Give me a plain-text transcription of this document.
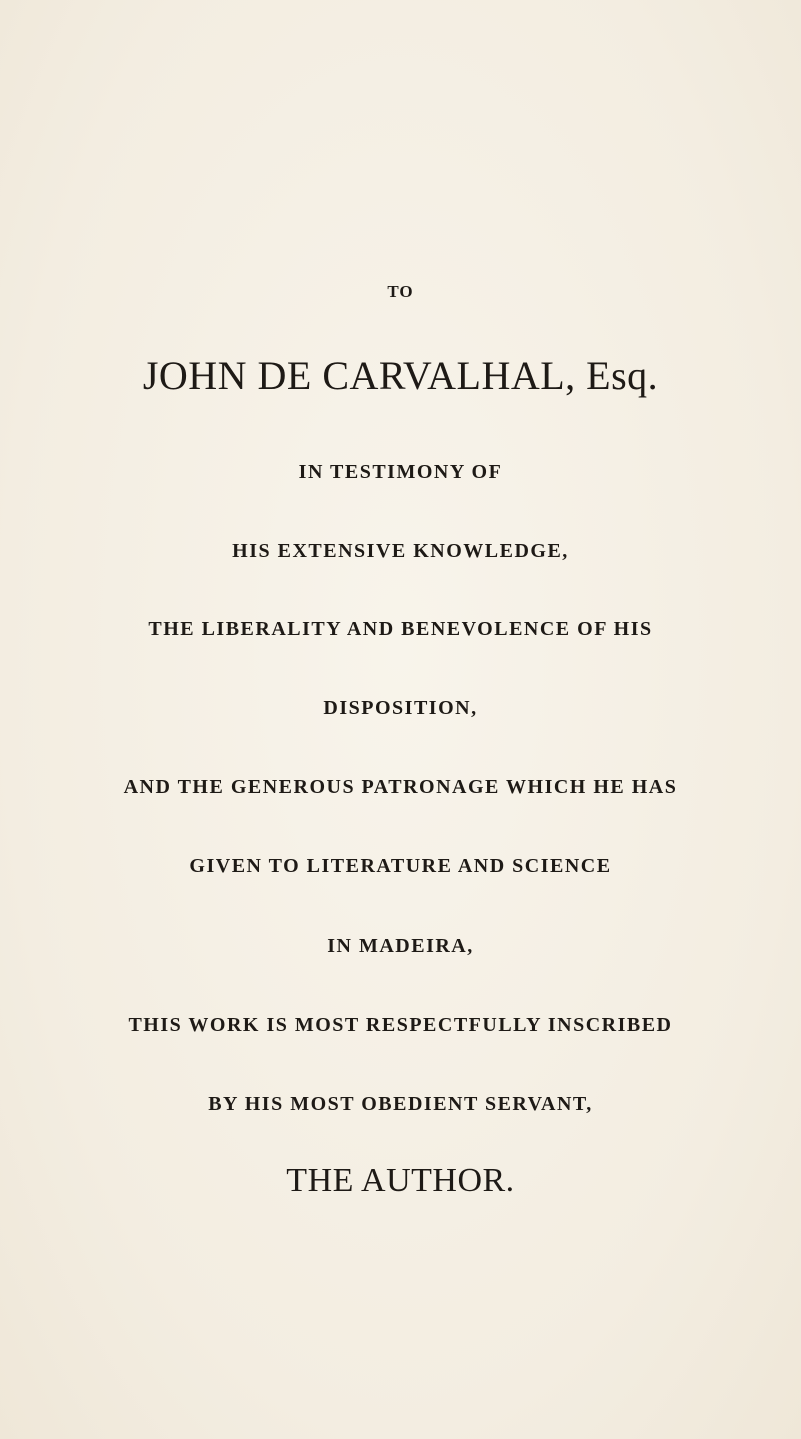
TO
JOHN DE CARVALHAL, Esq.
IN TESTIMONY OF
HIS EXTENSIVE KNOWLEDGE,
THE LIBERALITY AND BENEVOLENCE OF HIS
DISPOSITION,
AND THE GENEROUS PATRONAGE WHICH HE HAS
GIVEN TO LITERATURE AND SCIENCE
IN MADEIRA,
THIS WORK IS MOST RESPECTFULLY INSCRIBED
BY HIS MOST OBEDIENT SERVANT,
THE AUTHOR.
